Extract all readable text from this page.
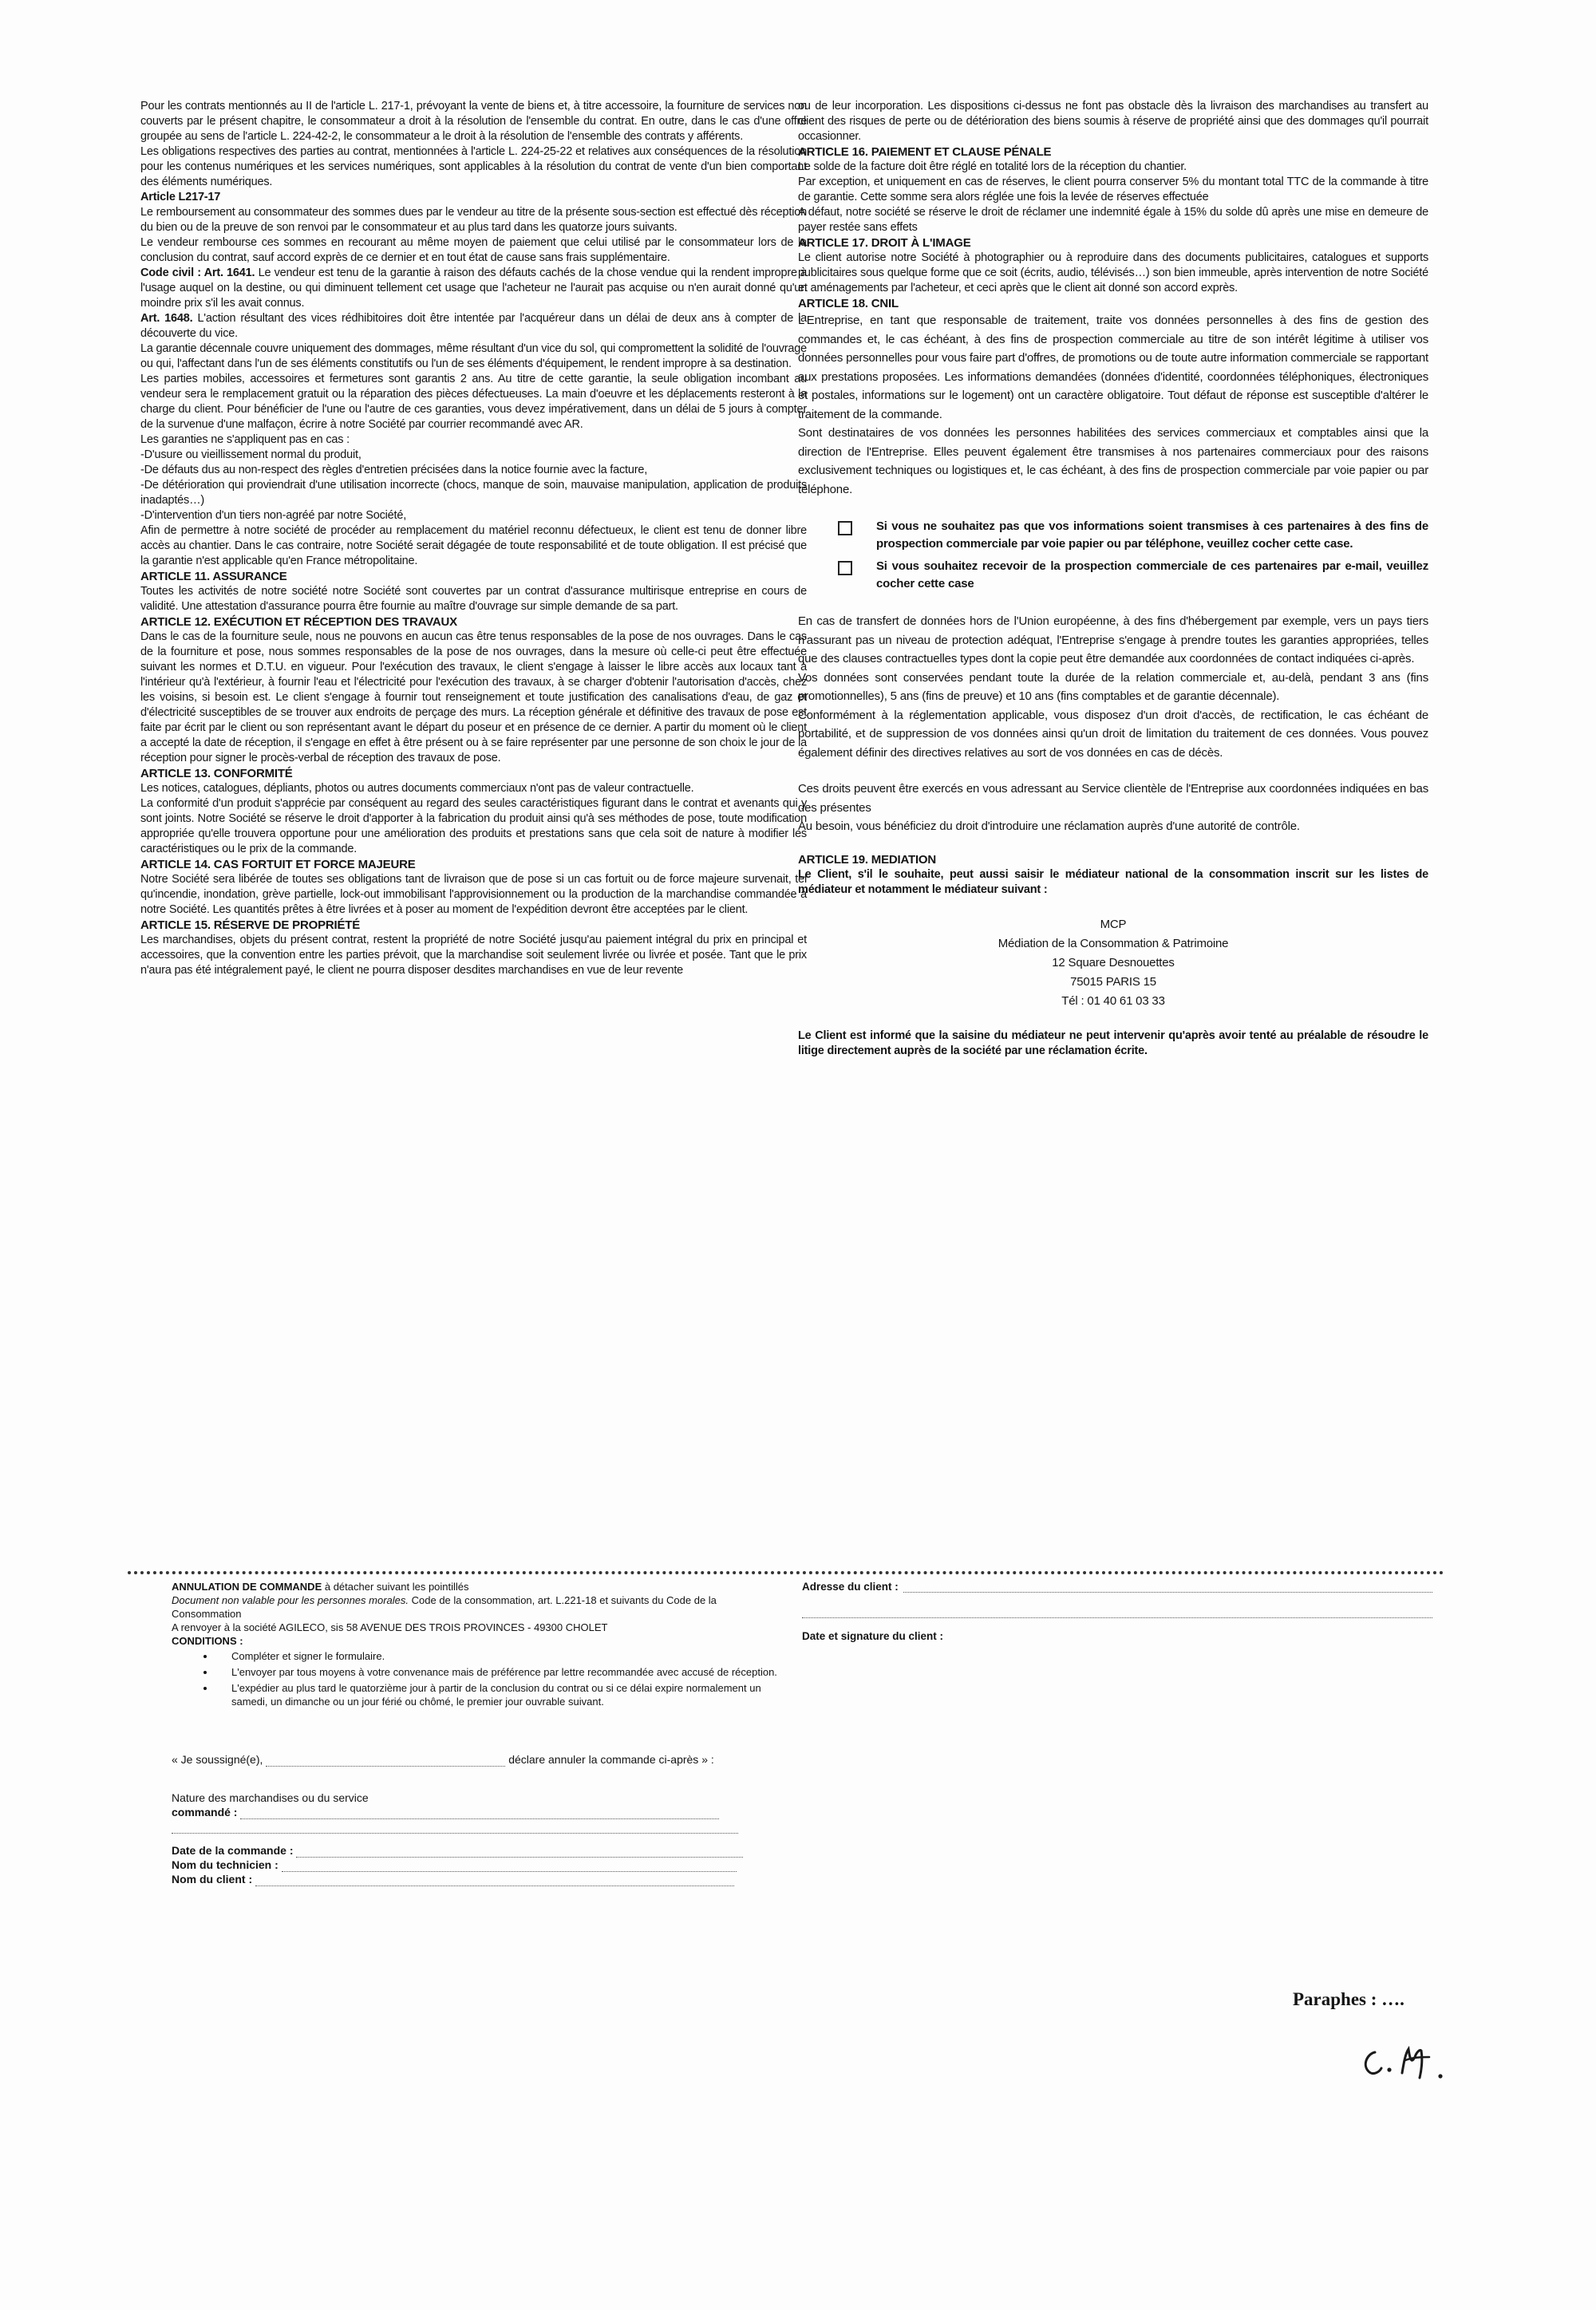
Pour les contrats mentionnés au II de l'article L. 217-1, prévoyant la vente de biens et, à titre accessoire, la fourniture de services non couverts par le présent chapitre, le consommateur a droit à la résolution de l'ensemble du contrat. En outre, dans le cas d'une offre groupée au sens de l'article L. 224-42-2, le consommateur a le droit à la résolution de l'ensemble des contrats y afférents.

Les obligations respectives des parties au contrat, mentionnées à l'article L. 224-25-22 et relatives aux conséquences de la résolution pour les contenus numériques et les services numériques, sont applicables à la résolution du contrat de vente d'un bien comportant des éléments numériques.

Article L217-17

Le remboursement au consommateur des sommes dues par le vendeur au titre de la présente sous-section est effectué dès réception du bien ou de la preuve de son renvoi par le consommateur et au plus tard dans les quatorze jours suivants.

Le vendeur rembourse ces sommes en recourant au même moyen de paiement que celui utilisé par le consommateur lors de la conclusion du contrat, sauf accord exprès de ce dernier et en tout état de cause sans frais supplémentaire.

Code civil : Art. 1641. Le vendeur est tenu de la garantie à raison des défauts cachés de la chose vendue qui la rendent impropre à l'usage auquel on la destine, ou qui diminuent tellement cet usage que l'acheteur ne l'aurait pas acquise ou n'en aurait donné qu'un moindre prix s'il les avait connus.

Art. 1648. L'action résultant des vices rédhibitoires doit être intentée par l'acquéreur dans un délai de deux ans à compter de la découverte du vice.

La garantie décennale couvre uniquement des dommages, même résultant d'un vice du sol, qui compromettent la solidité de l'ouvrage ou qui, l'affectant dans l'un de ses éléments constitutifs ou l'un de ses éléments d'équipement, le rendent impropre à sa destination.

Les parties mobiles, accessoires et fermetures sont garantis 2 ans. Au titre de cette garantie, la seule obligation incombant au vendeur sera le remplacement gratuit ou la réparation des pièces défectueuses. La main d'oeuvre et les déplacements resteront à la charge du client. Pour bénéficier de l'une ou l'autre de ces garanties, vous devez impérativement, dans un délai de 5 jours à compter de la survenue d'une malfaçon, écrire à notre Société par courrier recommandé avec AR.

Les garanties ne s'appliquent pas en cas :

-D'usure ou vieillissement normal du produit,

-De défauts dus au non-respect des règles d'entretien précisées dans la notice fournie avec la facture,

-De détérioration qui proviendrait d'une utilisation incorrecte (chocs, manque de soin, mauvaise manipulation, application de produits inadaptés…)

-D'intervention d'un tiers non-agréé par notre Société,

Afin de permettre à notre société de procéder au remplacement du matériel reconnu défectueux, le client est tenu de donner libre accès au chantier. Dans le cas contraire, notre Société serait dégagée de toute responsabilité et de toute obligation. Il est précisé que la garantie n'est applicable qu'en France métropolitaine.

ARTICLE 11. ASSURANCE

Toutes les activités de notre société notre Société sont couvertes par un contrat d'assurance multirisque entreprise en cours de validité. Une attestation d'assurance pourra être fournie au maître d'ouvrage sur simple demande de sa part.

ARTICLE 12. EXÉCUTION ET RÉCEPTION DES TRAVAUX

Dans le cas de la fourniture seule, nous ne pouvons en aucun cas être tenus responsables de la pose de nos ouvrages. Dans le cas de la fourniture et pose, nous sommes responsables de la pose de nos ouvrages, dans la mesure où celle-ci peut être effectuée suivant les normes et D.T.U. en vigueur. Pour l'exécution des travaux, le client s'engage à laisser le libre accès aux locaux tant à l'intérieur qu'à l'extérieur, à fournir l'eau et l'électricité pour l'exécution des travaux, à se charger d'obtenir l'autorisation d'accès, chez les voisins, si besoin est. Le client s'engage à fournir tout renseignement et toute justification des canalisations d'eau, de gaz et d'électricité susceptibles de se trouver aux endroits de perçage des murs. La réception générale et définitive des travaux de pose est faite par écrit par le client ou son représentant avant le départ du poseur et en présence de ce dernier. A partir du moment où le client a accepté la date de réception, il s'engage en effet à être présent ou à se faire représenter par une personne de son choix le jour de la réception pour signer le procès-verbal de réception des travaux de pose.

ARTICLE 13. CONFORMITÉ

Les notices, catalogues, dépliants, photos ou autres documents commerciaux n'ont pas de valeur contractuelle.

La conformité d'un produit s'apprécie par conséquent au regard des seules caractéristiques figurant dans le contrat et avenants qui y sont joints. Notre Société se réserve le droit d'apporter à la fabrication du produit ainsi qu'à ses méthodes de pose, toute modification appropriée qu'elle trouvera opportune pour une amélioration des produits et prestations sans que cela soit de nature à modifier les caractéristiques ou le prix de la commande.

ARTICLE 14. CAS FORTUIT ET FORCE MAJEURE

Notre Société sera libérée de toutes ses obligations tant de livraison que de pose si un cas fortuit ou de force majeure survenait, tel qu'incendie, inondation, grève partielle, lock-out immobilisant l'approvisionnement ou la production de la marchandise commandée à notre Société. Les quantités prêtes à être livrées et à poser au moment de l'expédition devront être acceptées par le client.

ARTICLE 15. RÉSERVE DE PROPRIÉTÉ

Les marchandises, objets du présent contrat, restent la propriété de notre Société jusqu'au paiement intégral du prix en principal et accessoires, que la convention entre les parties prévoit, que la marchandise soit seulement livrée ou livrée et posée. Tant que le prix n'aura pas été intégralement payé, le client ne pourra disposer desdites marchandises en vue de leur revente

ou de leur incorporation. Les dispositions ci-dessus ne font pas obstacle dès la livraison des marchandises au transfert au client des risques de perte ou de détérioration des biens soumis à réserve de propriété ainsi que des dommages qu'il pourrait occasionner.

ARTICLE 16. PAIEMENT ET CLAUSE PÉNALE

Le solde de la facture doit être réglé en totalité lors de la réception du chantier.

Par exception, et uniquement en cas de réserves, le client pourra conserver 5% du montant total TTC de la commande à titre de garantie. Cette somme sera alors réglée une fois la levée de réserves effectuée

A défaut, notre société se réserve le droit de réclamer une indemnité égale à 15% du solde dû après une mise en demeure de payer restée sans effets

ARTICLE 17. DROIT À L'IMAGE

Le client autorise notre Société à photographier ou à reproduire dans des documents publicitaires, catalogues et supports publicitaires sous quelque forme que ce soit (écrits, audio, télévisés…) son bien immeuble, après intervention de notre Société et aménagements par l'acheteur, et ceci après que le client ait donné son accord exprès.

ARTICLE 18. CNIL

L'Entreprise, en tant que responsable de traitement, traite vos données personnelles à des fins de gestion des commandes et, le cas échéant, à des fins de prospection commerciale au titre de son intérêt légitime à utiliser vos données personnelles pour vous faire part d'offres, de promotions ou de toute autre information commerciale se rapportant aux prestations proposées. Les informations demandées (données d'identité, coordonnées téléphoniques, électroniques et postales, informations sur le logement) ont un caractère obligatoire. Tout défaut de réponse est susceptible d'altérer le traitement de la commande.

Sont destinataires de vos données les personnes habilitées des services commerciaux et comptables ainsi que la direction de l'Entreprise. Elles peuvent également être transmises à nos partenaires commerciaux pour des raisons exclusivement techniques ou logistiques et, le cas échéant, à des fins de prospection commerciale par voie papier ou par téléphone.

Si vous ne souhaitez pas que vos informations soient transmises à ces partenaires à des fins de prospection commerciale par voie papier ou par téléphone, veuillez cocher cette case.
Si vous souhaitez recevoir de la prospection commerciale de ces partenaires par e-mail, veuillez cocher cette case

En cas de transfert de données hors de l'Union européenne, à des fins d'hébergement par exemple, vers un pays tiers n'assurant pas un niveau de protection adéquat, l'Entreprise s'engage à prendre toutes les garanties appropriées, telles que des clauses contractuelles types dont la copie peut être demandée aux coordonnées de contact indiquées ci-après.

Vos données sont conservées pendant toute la durée de la relation commerciale et, au-delà, pendant 3 ans (fins promotionnelles), 5 ans (fins de preuve) et 10 ans (fins comptables et de garantie décennale).

Conformément à la réglementation applicable, vous disposez d'un droit d'accès, de rectification, le cas échéant de portabilité, et de suppression de vos données ainsi qu'un droit de limitation du traitement de ces données. Vous pouvez également définir des directives relatives au sort de vos données en cas de décès.

Ces droits peuvent être exercés en vous adressant au Service clientèle de l'Entreprise aux coordonnées indiquées en bas des présentes

Au besoin, vous bénéficiez du droit d'introduire une réclamation auprès d'une autorité de contrôle.

ARTICLE 19. MEDIATION

Le Client, s'il le souhaite, peut aussi saisir le médiateur national de la consommation inscrit sur les listes de médiateur et notamment le médiateur suivant :

MCP
Médiation de la Consommation & Patrimoine
12 Square Desnouettes
75015 PARIS 15
Tél : 01 40 61 03 33

Le Client est informé que la saisine du médiateur ne peut intervenir qu'après avoir tenté au préalable de résoudre le litige directement auprès de la société par une réclamation écrite.

ANNULATION DE COMMANDE à détacher suivant les pointillés
Document non valable pour les personnes morales. Code de la consommation, art. L.221-18 et suivants du Code de la Consommation
A renvoyer à la société AGILECO, sis 58 AVENUE DES TROIS PROVINCES - 49300 CHOLET
CONDITIONS :
• Compléter et signer le formulaire.
• L'envoyer par tous moyens à votre convenance mais de préférence par lettre recommandée avec accusé de réception.
• L'expédier au plus tard le quatorzième jour à partir de la conclusion du contrat ou si ce délai expire normalement un samedi, un dimanche ou un jour férié ou chômé, le premier jour ouvrable suivant.
« Je soussigné(e),	déclare annuler la commande ci-après » :
Nature des marchandises ou du service
commandé :
Date de la commande :
Nom du technicien :
Nom du client :
Adresse du client :
Date et signature du client :
Paraphes : ….
